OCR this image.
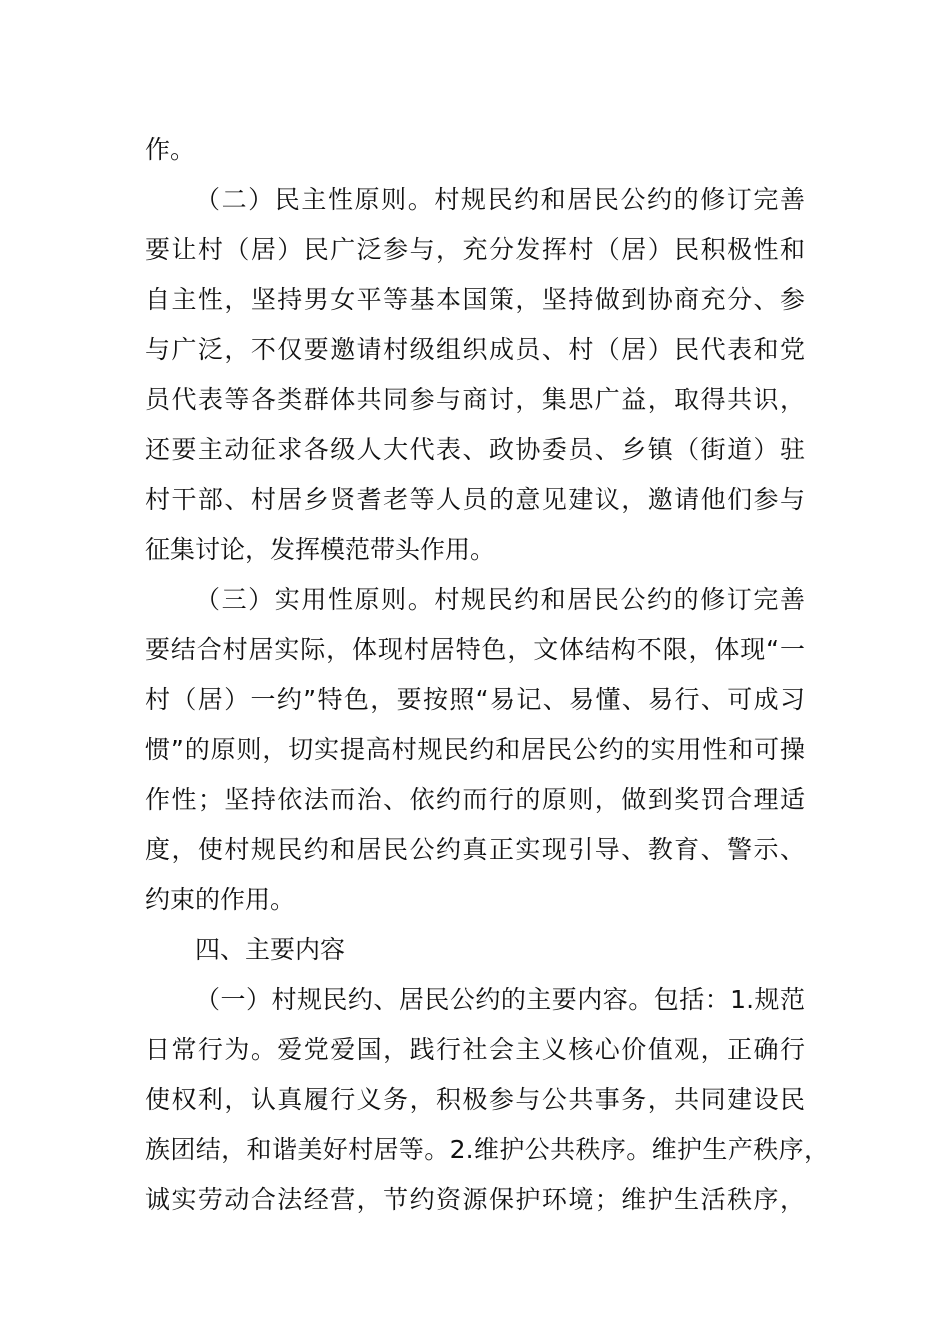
作。
（二）民主性原则。村规民约和居民公约的修订完善
要让村（居）民广泛参与，充分发挥村（居）民积极性和
自主性，坚持男女平等基本国策，坚持做到协商充分、参
与广泛，不仅要邀请村级组织成员、村（居）民代表和党
员代表等各类群体共同参与商讨，集思广益，取得共识，
还要主动征求各级人大代表、政协委员、乡镇（街道）驻
村干部、村居乡贤耆老等人员的意见建议，邀请他们参与
征集讨论，发挥模范带头作用。
（三）实用性原则。村规民约和居民公约的修订完善
要结合村居实际，体现村居特色，文体结构不限，体现“一
村（居）一约”特色，要按照“易记、易懂、易行、可成习
惯”的原则，切实提高村规民约和居民公约的实用性和可操
作性；坚持依法而治、依约而行的原则，做到奖罚合理适
度，使村规民约和居民公约真正实现引导、教育、警示、
约束的作用。
四、主要内容
（一）村规民约、居民公约的主要内容。包括：1.规范
日常行为。爱党爱国，践行社会主义核心价值观，正确行
使权利，认真履行义务，积极参与公共事务，共同建设民
族团结，和谐美好村居等。2.维护公共秩序。维护生产秩序，
诚实劳动合法经营，节约资源保护环境；维护生活秩序，
